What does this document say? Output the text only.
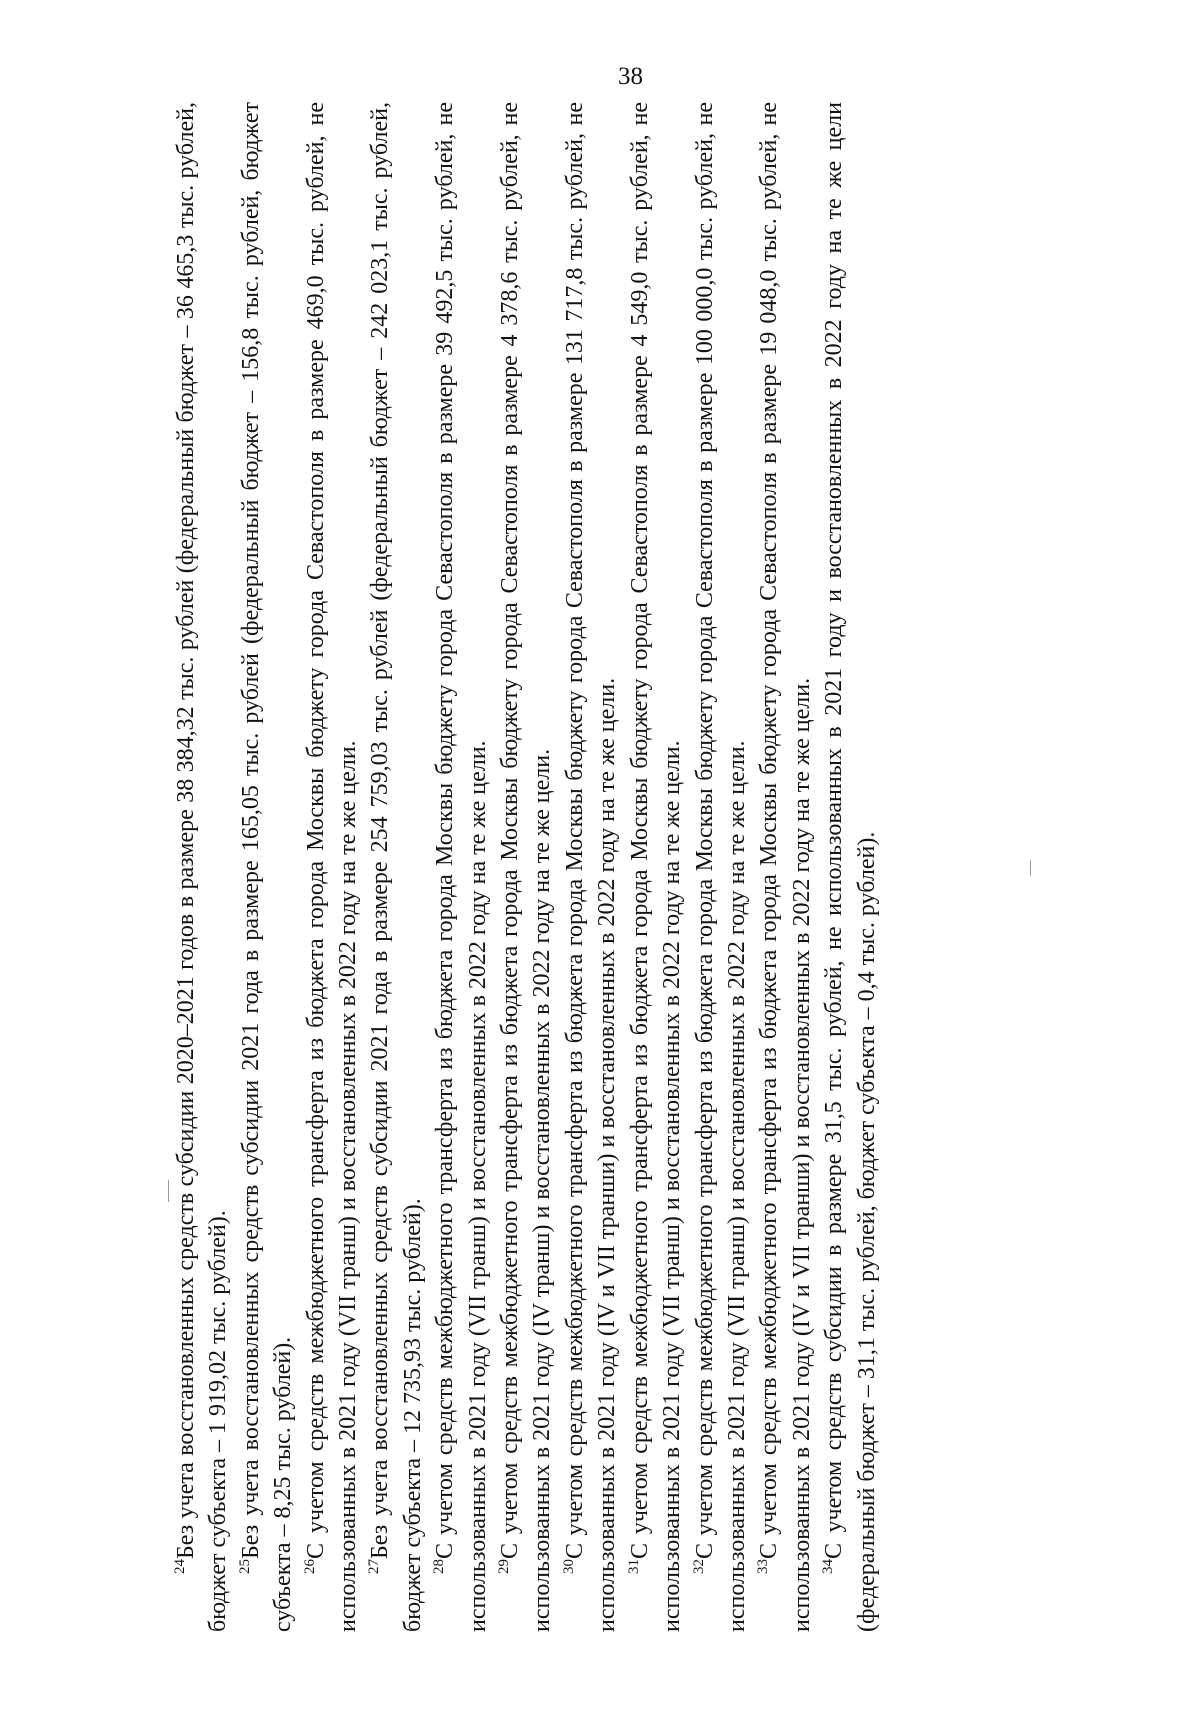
38

$^{24}$Без учета восстановленных средств субсидии 2020–2021 годов в размере 38 384,32 тыс. рублей (федеральный бюджет – 36 465,3 тыс. рублей, бюджет субъекта – 1 919,02 тыс. рублей). $^{25}$Без учета восстановленных средств субсидии 2021 года в размере 165,05 тыс. рублей (федеральный бюджет – 156,8 тыс. рублей, бюджет субъекта – 8,25 тыс. рублей). $^{26}$С учетом средств межбюджетного трансферта из бюджета города Москвы бюджету города Севастополя в размере 469,0 тыс. рублей, не использованных в 2021 году (VII транш) и восстановленных в 2022 году на те же цели. $^{27}$Без учета восстановленных средств субсидии 2021 года в размере 254 759,03 тыс. рублей (федеральный бюджет – 242 023,1 тыс. рублей, бюджет субъекта – 12 735,93 тыс. рублей). $^{28}$С учетом средств межбюджетного трансферта из бюджета города Москвы бюджету города Севастополя в размере 39 492,5 тыс. рублей, не использованных в 2021 году (VII транш) и восстановленных в 2022 году на те же цели. $^{29}$С учетом средств межбюджетного трансферта из бюджета города Москвы бюджету города Севастополя в размере 4 378,6 тыс. рублей, не использованных в 2021 году (IV транш) и восстановленных в 2022 году на те же цели. $^{30}$С учетом средств межбюджетного трансферта из бюджета города Москвы бюджету города Севастополя в размере 131 717,8 тыс. рублей, не использованных в 2021 году (IV и VII транши) и восстановленных в 2022 году на те же цели. $^{31}$С учетом средств межбюджетного трансферта из бюджета города Москвы бюджету города Севастополя в размере 4 549,0 тыс. рублей, не использованных в 2021 году (VII транш) и восстановленных в 2022 году на те же цели. $^{32}$С учетом средств межбюджетного трансферта из бюджета города Москвы бюджету города Севастополя в размере 100 000,0 тыс. рублей, не использованных в 2021 году (VII транш) и восстановленных в 2022 году на те же цели. $^{33}$С учетом средств межбюджетного трансферта из бюджета города Москвы бюджету города Севастополя в размере 19 048,0 тыс. рублей, не использованных в 2021 году (IV и VII транши) и восстановленных в 2022 году на те же цели. $^{34}$С учетом средств субсидии в размере 31,5 тыс. рублей, не использованных в 2021 году и восстановленных в 2022 году на те же цели (федеральный бюджет – 31,1 тыс. рублей, бюджет субъекта – 0,4 тыс. рублей).
